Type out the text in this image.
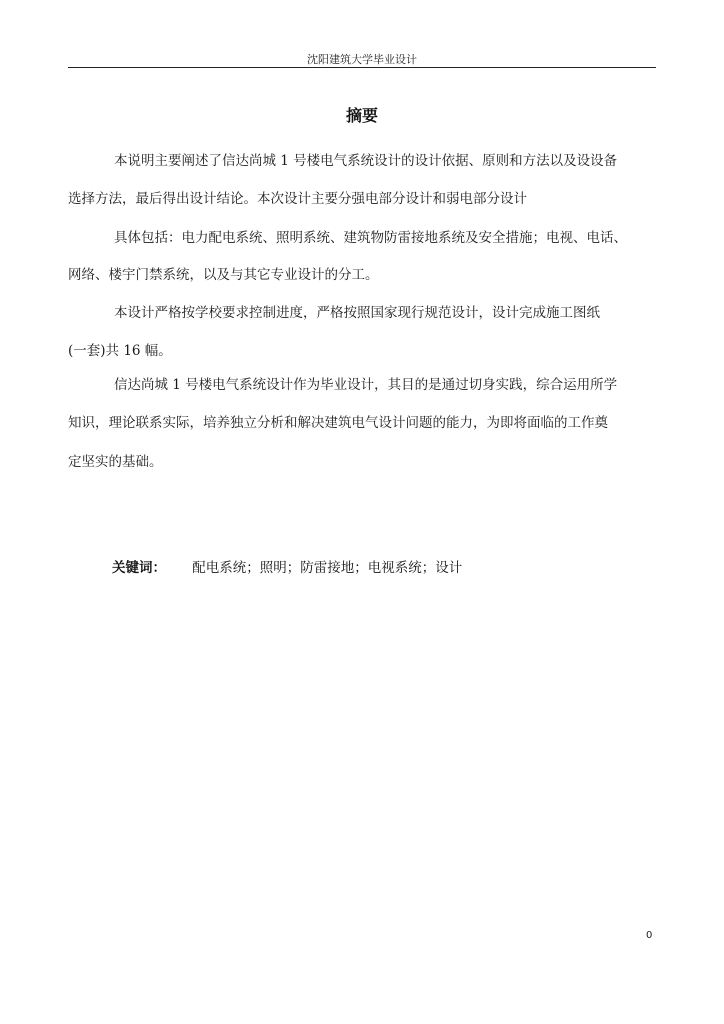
沈阳建筑大学毕业设计
摘要
本说明主要阐述了信达尚城 1 号楼电气系统设计的设计依据、原则和方法以及设设备
选择方法，最后得出设计结论。本次设计主要分强电部分设计和弱电部分设计
具体包括：电力配电系统、照明系统、建筑物防雷接地系统及安全措施；电视、电话、
网络、楼宇门禁系统，以及与其它专业设计的分工。
本设计严格按学校要求控制进度，严格按照国家现行规范设计，设计完成施工图纸
(一套)共 16 幅。
信达尚城 1 号楼电气系统设计作为毕业设计，其目的是通过切身实践，综合运用所学
知识，理论联系实际，培养独立分析和解决建筑电气设计问题的能力，为即将面临的工作奠
定坚实的基础。
关键词： 配电系统；照明；防雷接地；电视系统；设计
0
